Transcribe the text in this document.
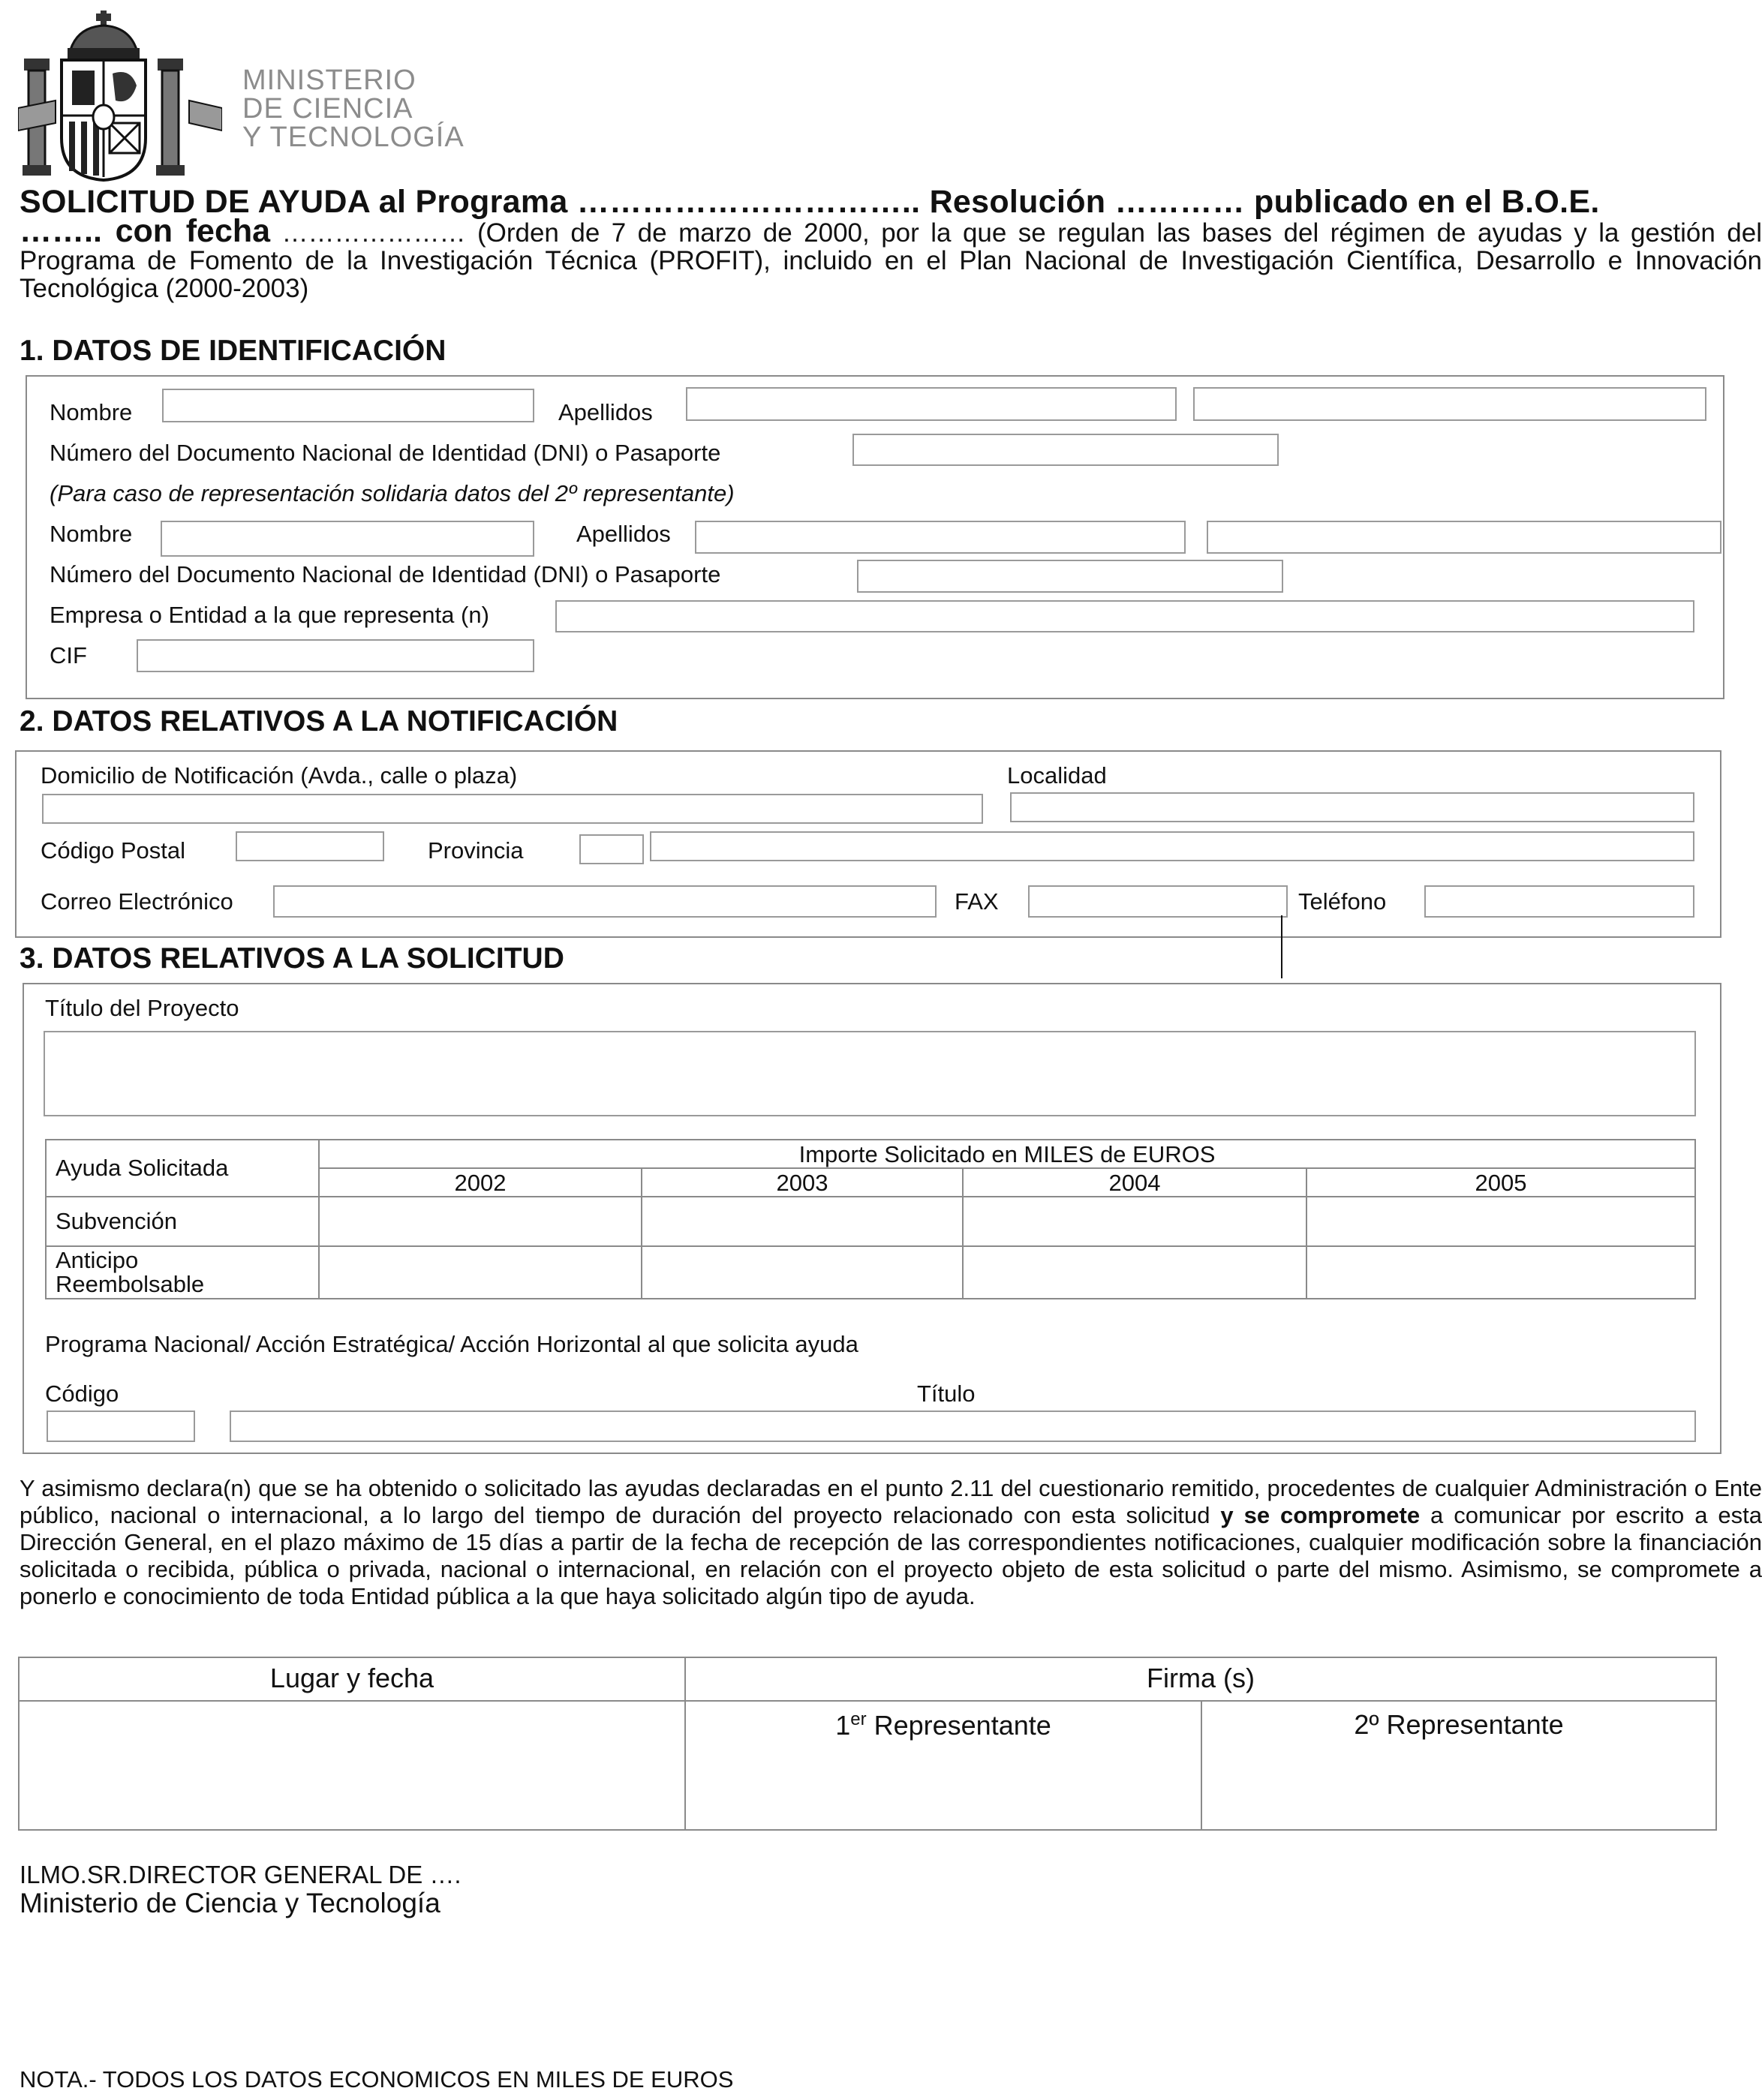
MINISTERIO
DE CIENCIA
Y TECNOLOGÍA
SOLICITUD DE AYUDA al Programa ………………………….. Resolución ………… publicado en el B.O.E.
…….. con fecha ………………… (Orden de 7 de marzo de 2000, por la que se regulan las bases del régimen de ayudas y la gestión del Programa de Fomento de la Investigación Técnica (PROFIT), incluido en el Plan Nacional de Investigación Científica, Desarrollo e Innovación Tecnológica (2000-2003)
1. DATOS DE IDENTIFICACIÓN
Nombre	Apellidos
Número del Documento Nacional de Identidad (DNI) o Pasaporte
(Para caso de representación solidaria datos del 2º representante)
Nombre	Apellidos
Número del Documento Nacional de Identidad (DNI) o Pasaporte
Empresa o Entidad a la que representa (n)
CIF
2. DATOS RELATIVOS A LA NOTIFICACIÓN
Domicilio de Notificación (Avda., calle o plaza)	Localidad
Código Postal	Provincia
Correo Electrónico	FAX	Teléfono
3. DATOS RELATIVOS A LA SOLICITUD
Título del Proyecto
Ayuda Solicitada	Importe Solicitado en MILES de EUROS			
	2002	2003	2004	2005
Subvención				

Anticipo
Reembolsable				

Programa Nacional/ Acción Estratégica/ Acción Horizontal al que solicita ayuda
Código	Título
Y asimismo declara(n) que se ha obtenido o solicitado las ayudas declaradas en el punto 2.11 del cuestionario remitido, procedentes de cualquier Administración o Ente público, nacional o internacional, a lo largo del tiempo de duración del proyecto relacionado con esta solicitud y se compromete a comunicar por escrito a esta Dirección General, en el plazo máximo de 15 días a partir de la fecha de recepción de las correspondientes notificaciones, cualquier modificación sobre la financiación solicitada o recibida, pública o privada, nacional o internacional, en relación con el proyecto objeto de esta solicitud o parte del mismo. Asimismo, se compromete a ponerlo e conocimiento de toda Entidad pública a la que haya solicitado algún tipo de ayuda.
Lugar y fecha	Firma (s)	
	1er Representante	2º Representante
ILMO.SR.DIRECTOR GENERAL DE ….
Ministerio de Ciencia y Tecnología
NOTA.- TODOS LOS DATOS ECONOMICOS EN MILES DE EUROS
